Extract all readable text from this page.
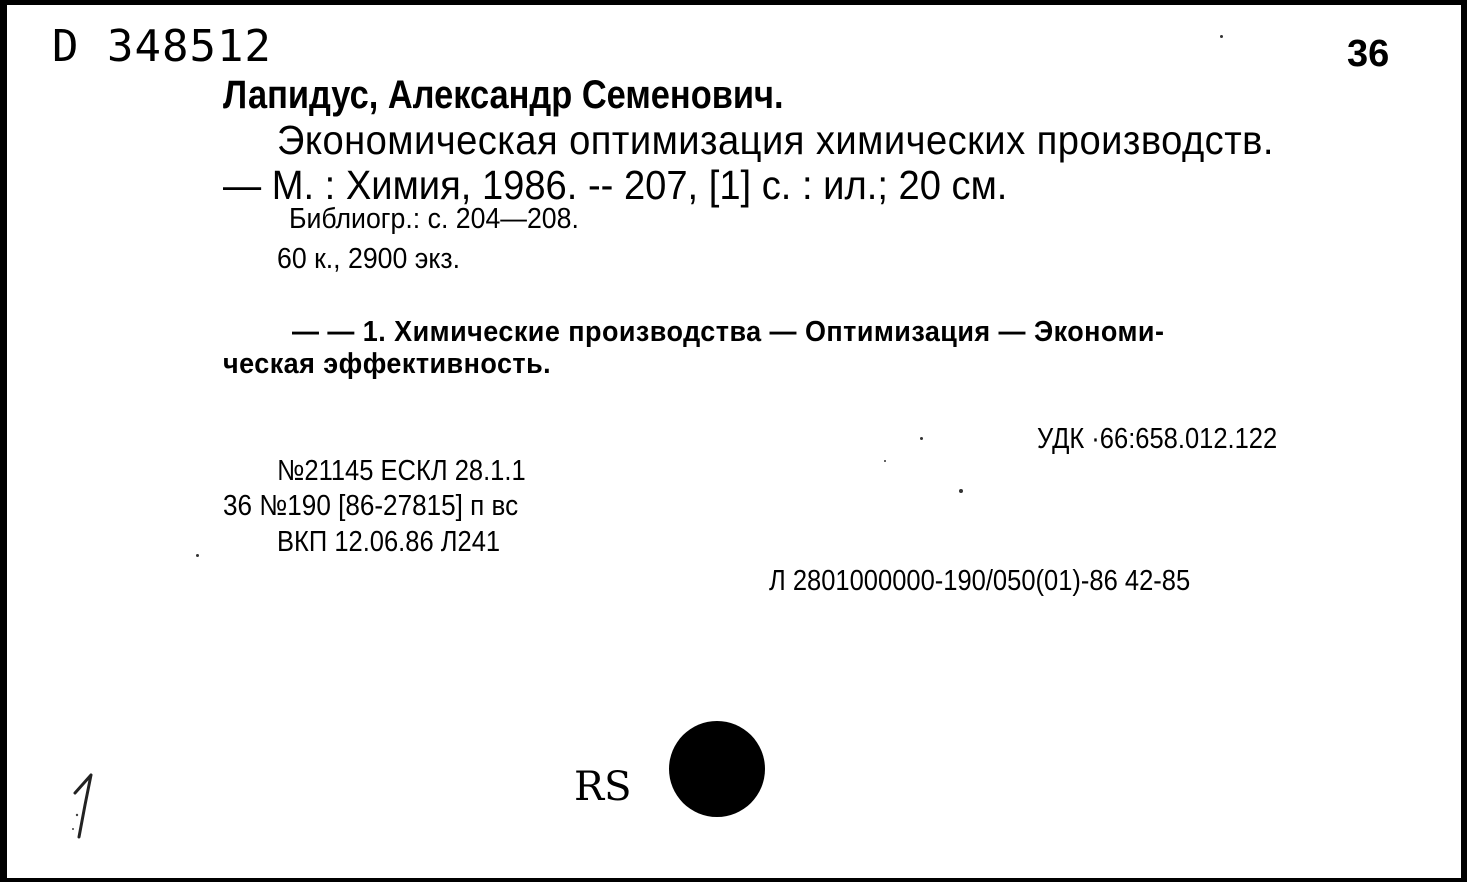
D 348512	36
Лапидус, Александр Семенович.
Экономическая оптимизация химических производств.
— М. : Химия, 1986. -- 207, [1] с. : ил.; 20 см.
Библиогр.: с. 204—208.
60 к., 2900 экз.
— — 1. Химические производства — Оптимизация — Экономи-
ческая эффективность.
УДК ·66:658.012.122
№21145 ЕСКЛ 28.1.1
36 №190 [86-27815] п вс
ВКП 12.06.86 Л241
Л 2801000000-190/050(01)-86 42-85
RS
